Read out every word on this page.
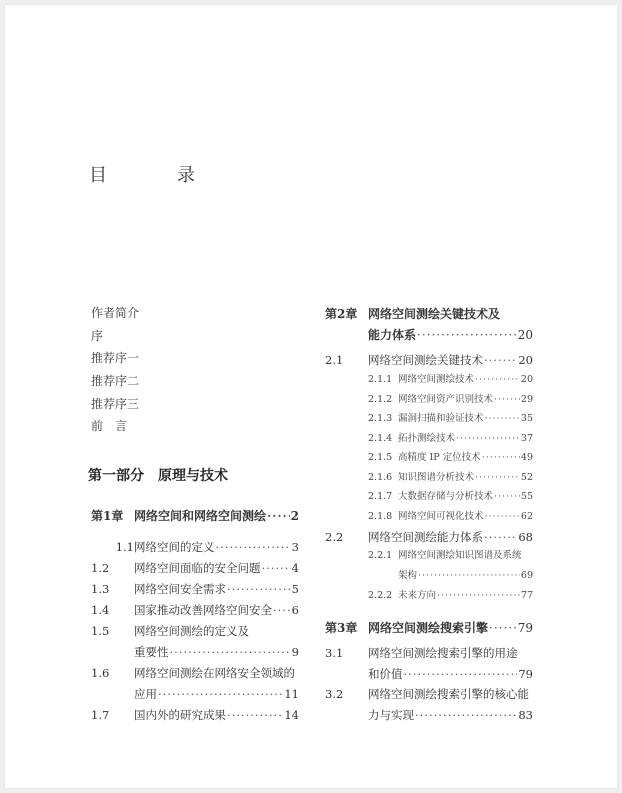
目　录
作者简介
序
推荐序一
推荐序二
推荐序三
前　言
第一部分　原理与技术
第1章 网络空间和网络空间测绘 ····· 2
1.1 网络空间的定义 ·····	3
1.2	网络空间面临的安全问题 ·····	4
1.3	网络空间安全需求 ·····	5
1.4	国家推动改善网络空间安全 ····· 6
1.5	网络空间测绘的定义及
重要性 ·····	9
1.6	网络空间测绘在网络安全领域的
应用 ·····	11
1.7	国内外的研究成果 ·····	14
第2章 网络空间测绘关键技术及
能力体系 ·····	20
2.1	网络空间测绘关键技术 ·····	20
2.1.1 网络空间测绘技术 ·····	20
2.1.2 网络空间资产识别技术 ·····	29
2.1.3 漏洞扫描和验证技术 ·····	35
2.1.4 拓扑测绘技术 ·····	37
2.1.5 高精度 IP 定位技术 ·····	49
2.1.6 知识图谱分析技术 ·····	52
2.1.7 大数据存储与分析技术 ·····	55
2.1.8 网络空间可视化技术 ·····	62
2.2	网络空间测绘能力体系 ·····	68
2.2.1 网络空间测绘知识图谱及系统
架构 ·····	69
2.2.2 未来方向 ·····	77
第3章 网络空间测绘搜索引擎 ····· 79
3.1	网络空间测绘搜索引擎的用途
和价值 ·····	79
3.2	网络空间测绘搜索引擎的核心能
力与实现 ·····	83
